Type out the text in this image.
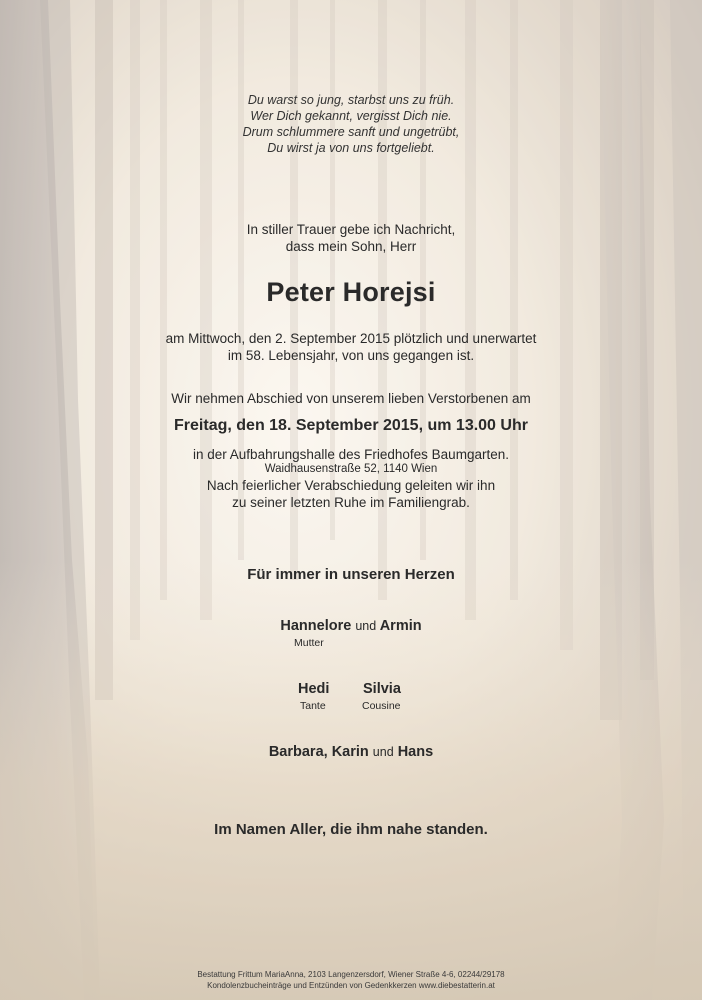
Du warst so jung, starbst uns zu früh.
Wer Dich gekannt, vergisst Dich nie.
Drum schlummere sanft und ungetrübt,
Du wirst ja von uns fortgeliebt.
In stiller Trauer gebe ich Nachricht,
dass mein Sohn, Herr
Peter Horejsi
am Mittwoch, den 2. September 2015 plötzlich und unerwartet
im 58. Lebensjahr, von uns gegangen ist.
Wir nehmen Abschied von unserem lieben Verstorbenen am
Freitag, den 18. September 2015, um 13.00 Uhr
in der Aufbahrungshalle des Friedhofes Baumgarten.
Waidhausenstraße 52, 1140 Wien
Nach feierlicher Verabschiedung geleiten wir ihn
zu seiner letzten Ruhe im Familiengrab.
Für immer in unseren Herzen
Hannelore und Armin
Mutter
Hedi
Tante
Silvia
Cousine
Barbara, Karin und Hans
Im Namen Aller, die ihm nahe standen.
Bestattung Frittum MariaAnna, 2103 Langenzersdorf, Wiener Straße 4-6, 02244/29178
Kondolenzbucheinträge und Entzünden von Gedenkkerzen www.diebestatterin.at
